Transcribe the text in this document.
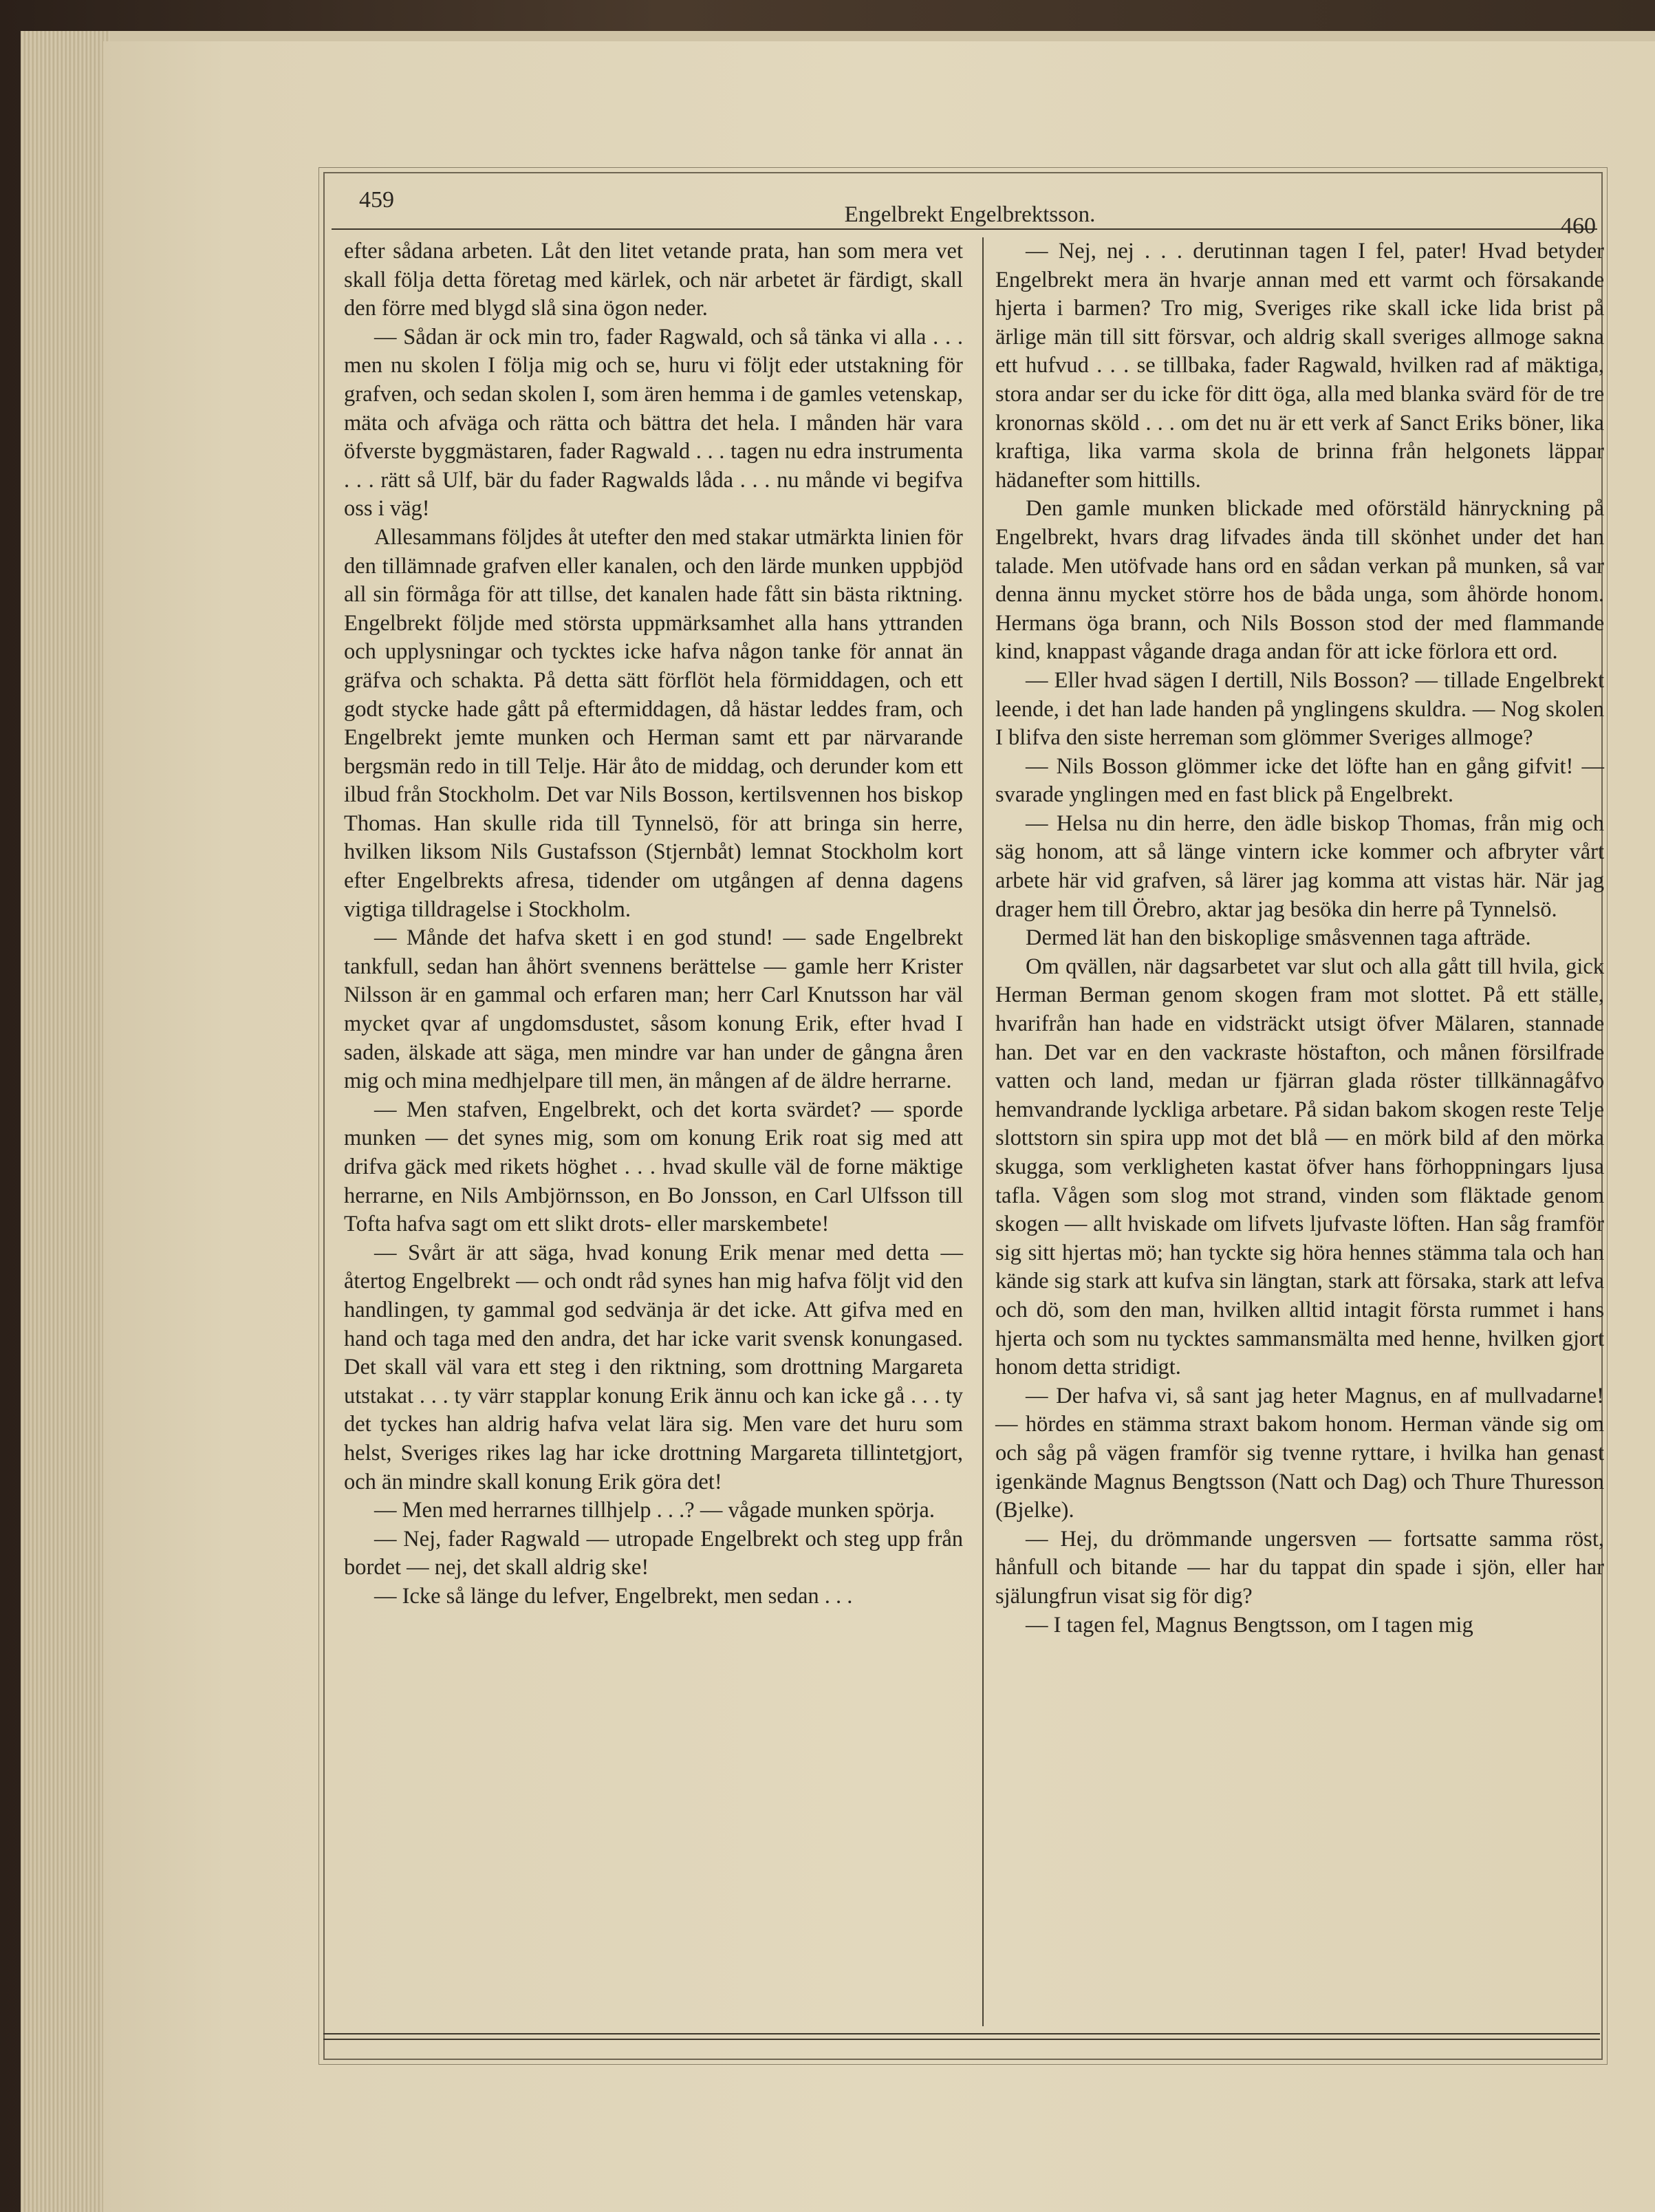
459
Engelbrekt Engelbrektsson.	460

efter sådana arbeten. Låt den litet vetande prata, han som mera vet skall följa detta företag med kärlek, och när arbetet är färdigt, skall den förre med blygd slå sina ögon neder.

— Sådan är ock min tro, fader Ragwald, och så tänka vi alla . . . men nu skolen I följa mig och se, huru vi följt eder utstakning för grafven, och sedan skolen I, som ären hemma i de gamles vetenskap, mäta och afväga och rätta och bättra det hela. I månden här vara öfverste byggmästaren, fader Ragwald . . . tagen nu edra instrumenta . . . rätt så Ulf, bär du fader Ragwalds låda . . . nu månde vi begifva oss i väg!

Allesammans följdes åt utefter den med stakar utmärkta linien för den tillämnade grafven eller kanalen, och den lärde munken uppbjöd all sin förmåga för att tillse, det kanalen hade fått sin bästa riktning. Engelbrekt följde med största uppmärksamhet alla hans yttranden och upplysningar och tycktes icke hafva någon tanke för annat än gräfva och schakta. På detta sätt förflöt hela förmiddagen, och ett godt stycke hade gått på eftermiddagen, då hästar leddes fram, och Engelbrekt jemte munken och Herman samt ett par närvarande bergsmän redo in till Telje. Här åto de middag, och derunder kom ett ilbud från Stockholm. Det var Nils Bosson, kertilsvennen hos biskop Thomas. Han skulle rida till Tynnelsö, för att bringa sin herre, hvilken liksom Nils Gustafsson (Stjernbåt) lemnat Stockholm kort efter Engelbrekts afresa, tidender om utgången af denna dagens vigtiga tilldragelse i Stockholm.

— Månde det hafva skett i en god stund! — sade Engelbrekt tankfull, sedan han åhört svennens berättelse — gamle herr Krister Nilsson är en gammal och erfaren man; herr Carl Knutsson har väl mycket qvar af ungdomsdustet, såsom konung Erik, efter hvad I saden, älskade att säga, men mindre var han under de gångna åren mig och mina medhjelpare till men, än mången af de äldre herrarne.

— Men stafven, Engelbrekt, och det korta svärdet? — sporde munken — det synes mig, som om konung Erik roat sig med att drifva gäck med rikets höghet . . . hvad skulle väl de forne mäktige herrarne, en Nils Ambjörnsson, en Bo Jonsson, en Carl Ulfsson till Tofta hafva sagt om ett slikt drots- eller marskembete!

— Svårt är att säga, hvad konung Erik menar med detta — återtog Engelbrekt — och ondt råd synes han mig hafva följt vid den handlingen, ty gammal god sedvänja är det icke. Att gifva med en hand och taga med den andra, det har icke varit svensk konungased. Det skall väl vara ett steg i den riktning, som drottning Margareta utstakat . . . ty värr stapplar konung Erik ännu och kan icke gå . . . ty det tyckes han aldrig hafva velat lära sig. Men vare det huru som helst, Sveriges rikes lag har icke drottning Margareta tillintetgjort, och än mindre skall konung Erik göra det!

— Men med herrarnes tillhjelp . . .? — vågade munken spörja.

— Nej, fader Ragwald — utropade Engelbrekt och steg upp från bordet — nej, det skall aldrig ske!

— Icke så länge du lefver, Engelbrekt, men sedan . . .

— Nej, nej . . . derutinnan tagen I fel, pater! Hvad betyder Engelbrekt mera än hvarje annan med ett varmt och försakande hjerta i barmen? Tro mig, Sveriges rike skall icke lida brist på ärlige män till sitt försvar, och aldrig skall sveriges allmoge sakna ett hufvud . . . se tillbaka, fader Ragwald, hvilken rad af mäktiga, stora andar ser du icke för ditt öga, alla med blanka svärd för de tre kronornas sköld . . . om det nu är ett verk af Sanct Eriks böner, lika kraftiga, lika varma skola de brinna från helgonets läppar hädanefter som hittills.

Den gamle munken blickade med oförstäld hänryckning på Engelbrekt, hvars drag lifvades ända till skönhet under det han talade. Men utöfvade hans ord en sådan verkan på munken, så var denna ännu mycket större hos de båda unga, som åhörde honom. Hermans öga brann, och Nils Bosson stod der med flammande kind, knappast vågande draga andan för att icke förlora ett ord.

— Eller hvad sägen I dertill, Nils Bosson? — tillade Engelbrekt leende, i det han lade handen på ynglingens skuldra. — Nog skolen I blifva den siste herreman som glömmer Sveriges allmoge?

— Nils Bosson glömmer icke det löfte han en gång gifvit! — svarade ynglingen med en fast blick på Engelbrekt.

— Helsa nu din herre, den ädle biskop Thomas, från mig och säg honom, att så länge vintern icke kommer och afbryter vårt arbete här vid grafven, så lärer jag komma att vistas här. När jag drager hem till Örebro, aktar jag besöka din herre på Tynnelsö.

Dermed lät han den biskoplige småsvennen taga afträde.

Om qvällen, när dagsarbetet var slut och alla gått till hvila, gick Herman Berman genom skogen fram mot slottet. På ett ställe, hvarifrån han hade en vidsträckt utsigt öfver Mälaren, stannade han. Det var en den vackraste höstafton, och månen försilfrade vatten och land, medan ur fjärran glada röster tillkännagåfvo hemvandrande lyckliga arbetare. På sidan bakom skogen reste Telje slottstorn sin spira upp mot det blå — en mörk bild af den mörka skugga, som verkligheten kastat öfver hans förhoppningars ljusa tafla. Vågen som slog mot strand, vinden som fläktade genom skogen — allt hviskade om lifvets ljufvaste löften. Han såg framför sig sitt hjertas mö; han tyckte sig höra hennes stämma tala och han kände sig stark att kufva sin längtan, stark att försaka, stark att lefva och dö, som den man, hvilken alltid intagit första rummet i hans hjerta och som nu tycktes sammansmälta med henne, hvilken gjort honom detta stridigt.

— Der hafva vi, så sant jag heter Magnus, en af mullvadarne! — hördes en stämma straxt bakom honom. Herman vände sig om och såg på vägen framför sig tvenne ryttare, i hvilka han genast igenkände Magnus Bengtsson (Natt och Dag) och Thure Thuresson (Bjelke).

— Hej, du drömmande ungersven — fortsatte samma röst, hånfull och bitande — har du tappat din spade i sjön, eller har själungfrun visat sig för dig?

— I tagen fel, Magnus Bengtsson, om I tagen mig
